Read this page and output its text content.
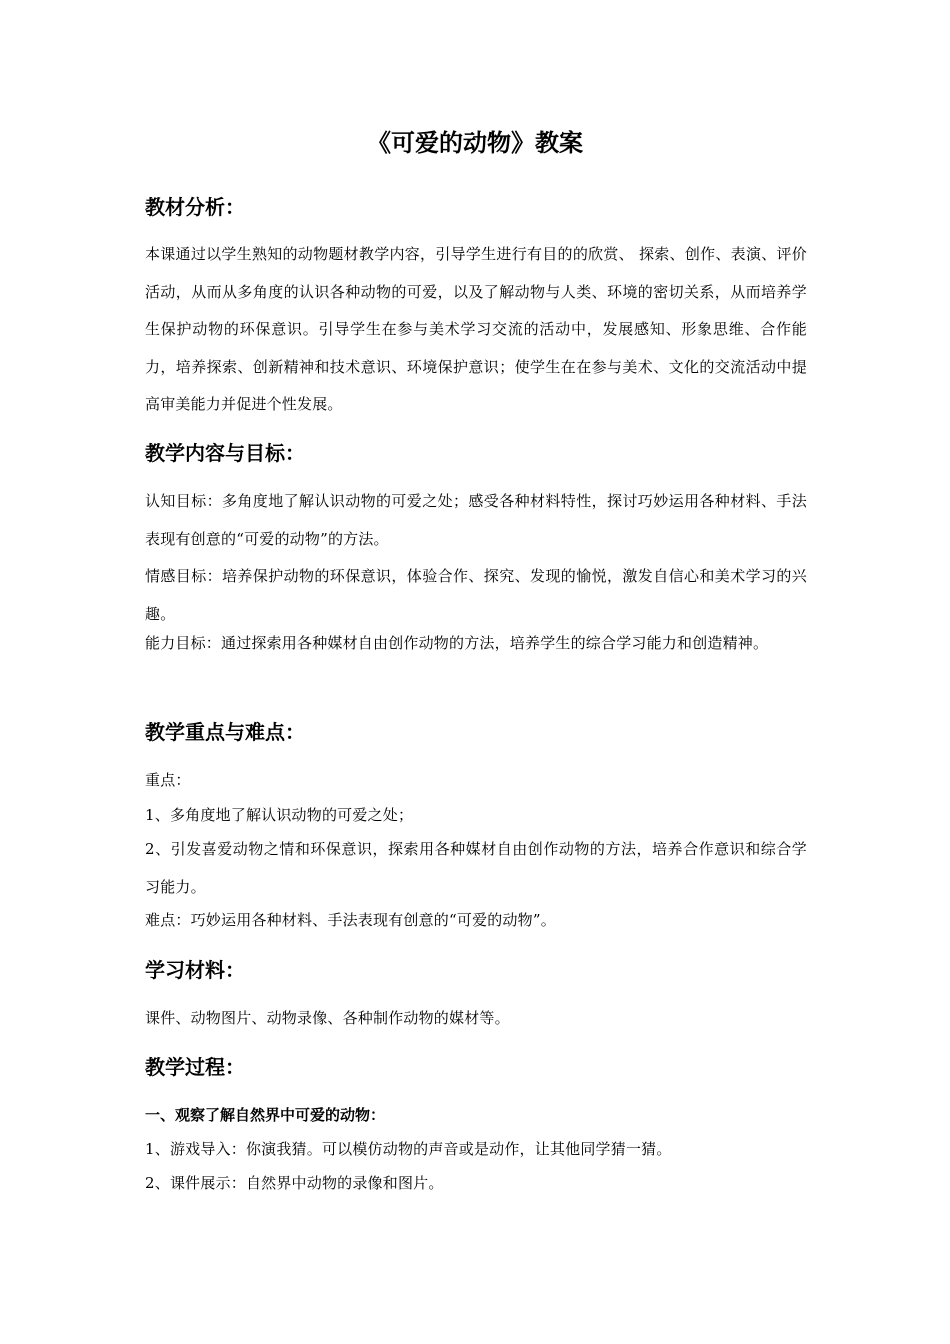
《可爱的动物》教案
教材分析：

本课通过以学生熟知的动物题材教学内容，引导学生进行有目的的欣赏、 探索、创作、表演、评价活动，从而从多角度的认识各种动物的可爱，以及了解动物与人类、环境的密切关系，从而培养学生保护动物的环保意识。引导学生在参与美术学习交流的活动中，发展感知、形象思维、合作能力，培养探索、创新精神和技术意识、环境保护意识；使学生在在参与美术、文化的交流活动中提高审美能力并促进个性发展。

教学内容与目标：

认知目标：多角度地了解认识动物的可爱之处；感受各种材料特性，探讨巧妙运用各种材料、手法表现有创意的“可爱的动物”的方法。

情感目标：培养保护动物的环保意识，体验合作、探究、发现的愉悦，激发自信心和美术学习的兴趣。

能力目标：通过探索用各种媒材自由创作动物的方法，培养学生的综合学习能力和创造精神。

教学重点与难点：

重点：

1、多角度地了解认识动物的可爱之处；

2、引发喜爱动物之情和环保意识，探索用各种媒材自由创作动物的方法，培养合作意识和综合学习能力。

难点：巧妙运用各种材料、手法表现有创意的“可爱的动物”。

学习材料：

课件、动物图片、动物录像、各种制作动物的媒材等。

教学过程：

一、观察了解自然界中可爱的动物：

1、游戏导入：你演我猜。可以模仿动物的声音或是动作，让其他同学猜一猜。

2、课件展示：自然界中动物的录像和图片。
